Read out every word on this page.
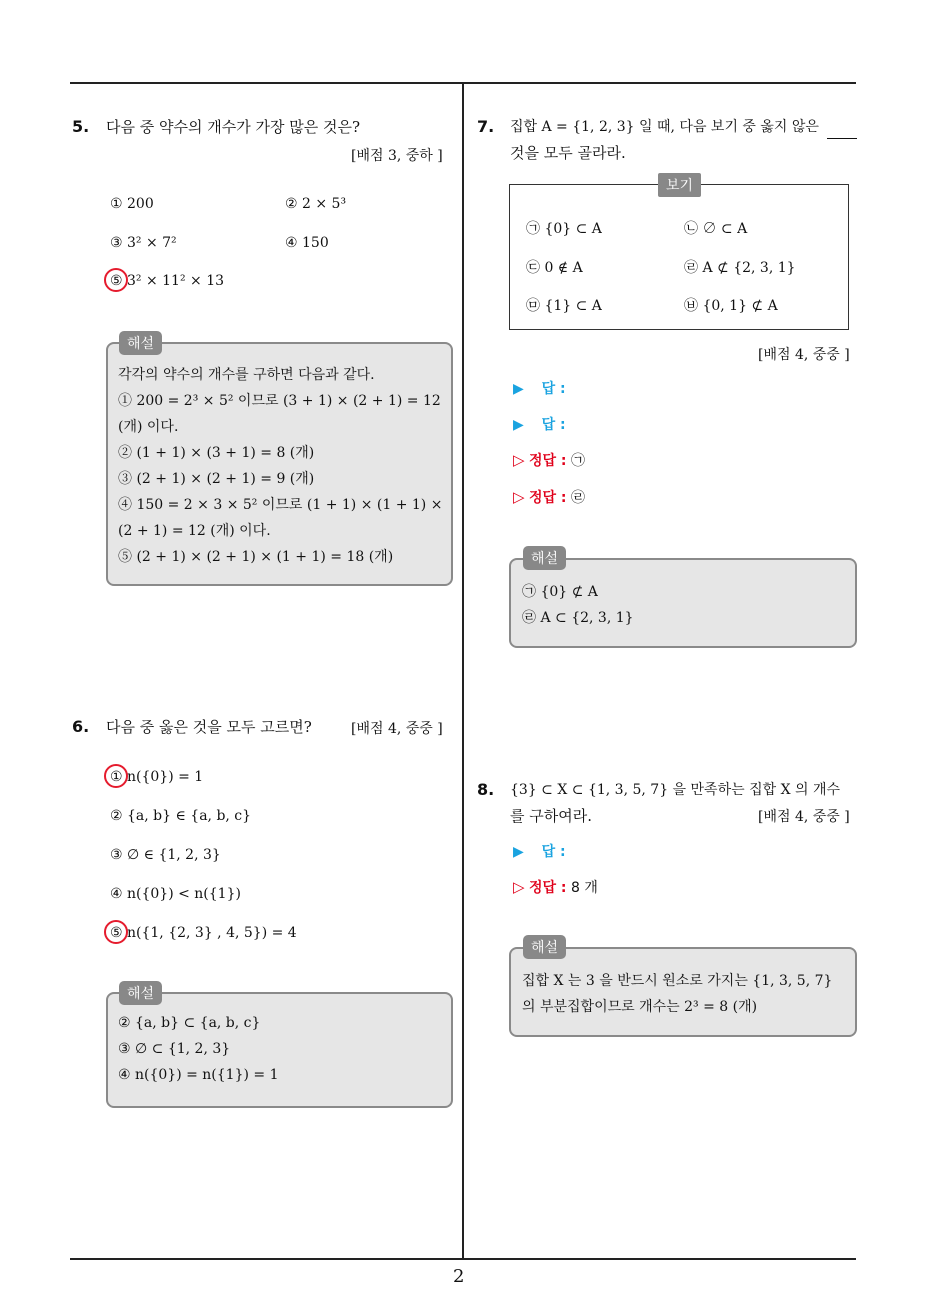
2
5. 다음 중 약수의 개수가 가장 많은 것은?
[배점 3, 중하 ]
① 200	② 2 × 5³
③ 3² × 7²	④ 150
⑤ 3² × 11² × 13
해설
각각의 약수의 개수를 구하면 다음과 같다.
① 200 = 2³ × 5² 이므로 (3 + 1) × (2 + 1) = 12
(개) 이다.
② (1 + 1) × (3 + 1) = 8 (개)
③ (2 + 1) × (2 + 1) = 9 (개)
④ 150 = 2 × 3 × 5² 이므로 (1 + 1) × (1 + 1) ×
(2 + 1) = 12 (개) 이다.
⑤ (2 + 1) × (2 + 1) × (1 + 1) = 18 (개)
6. 다음 중 옳은 것을 모두 고르면?	[배점 4, 중중 ]
① n({0}) = 1
② {a, b} ∈ {a, b, c}
③ ∅ ∈ {1, 2, 3}
④ n({0}) < n({1})
⑤ n({1, {2, 3} , 4, 5}) = 4
해설
② {a, b} ⊂ {a, b, c}
③ ∅ ⊂ {1, 2, 3}
④ n({0}) = n({1}) = 1
7. 집합 A = {1, 2, 3} 일 때, 다음 보기 중 옳지 않은
것을 모두 골라라.
보기
㉠ {0} ⊂ A	㉡ ∅ ⊂ A
㉢ 0 ∉ A	㉣ A ⊄ {2, 3, 1}
㉤ {1} ⊂ A	㉥ {0, 1} ⊄ A
[배점 4, 중중 ]
▶ 답 :
▶ 답 :
▷ 정답 : ㉠
▷ 정답 : ㉣
해설
㉠ {0} ⊄ A
㉣ A ⊂ {2, 3, 1}
8. {3} ⊂ X ⊂ {1, 3, 5, 7} 을 만족하는 집합 X 의 개수
를 구하여라.	[배점 4, 중중 ]
▶ 답 :
▷ 정답 : 8 개
해설
집합 X 는 3 을 반드시 원소로 가지는 {1, 3, 5, 7}
의 부분집합이므로 개수는 2³ = 8 (개)
